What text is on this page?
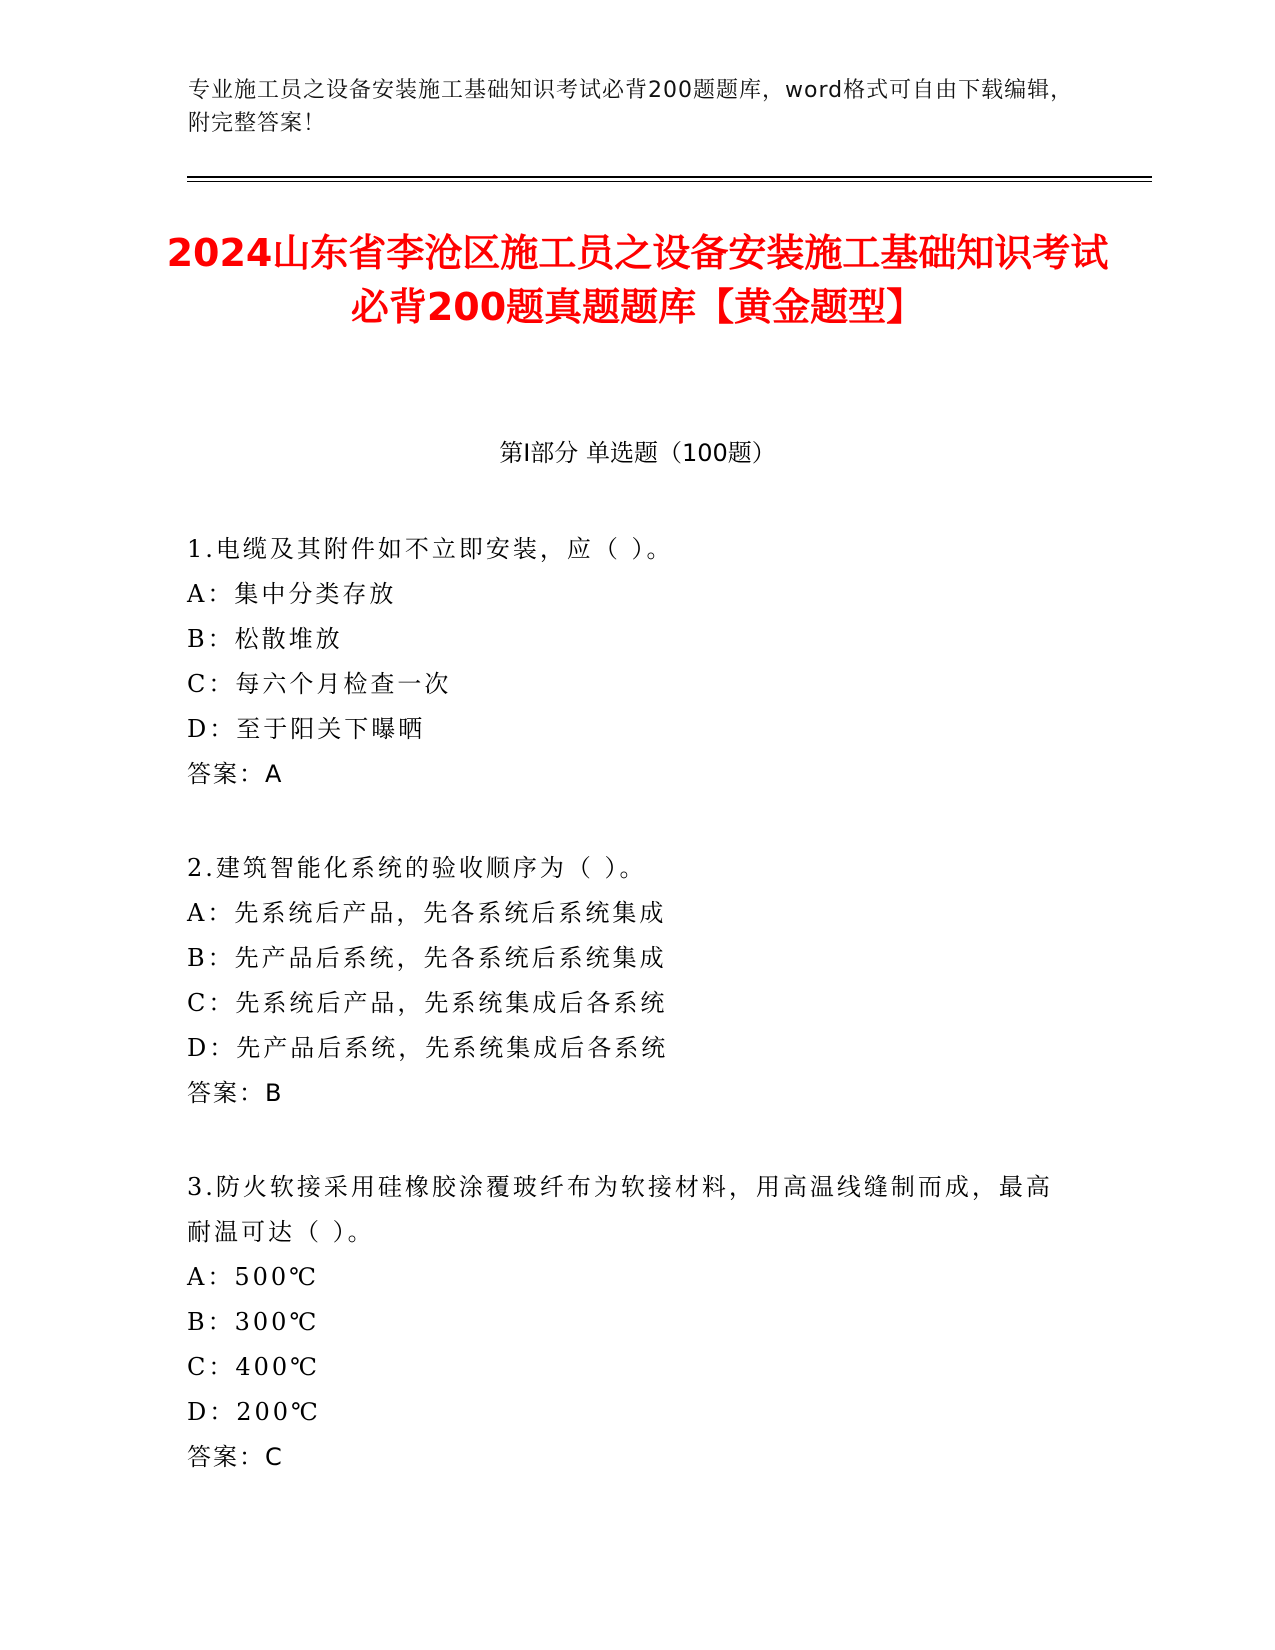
专业施工员之设备安装施工基础知识考试必背200题题库，word格式可自由下载编辑，附完整答案！
2024山东省李沧区施工员之设备安装施工基础知识考试必背200题真题题库【黄金题型】
第Ⅰ部分 单选题（100题）

1.电缆及其附件如不立即安装，应（ ）。

A：集中分类存放

B：松散堆放

C：每六个月检查一次

D：至于阳关下曝晒

答案：A

2.建筑智能化系统的验收顺序为（ ）。

A：先系统后产品，先各系统后系统集成

B：先产品后系统，先各系统后系统集成

C：先系统后产品，先系统集成后各系统

D：先产品后系统，先系统集成后各系统

答案：B

3.防火软接采用硅橡胶涂覆玻纤布为软接材料，用高温线缝制而成，最高耐温可达（ ）。

A：500℃

B：300℃

C：400℃

D：200℃

答案：C
